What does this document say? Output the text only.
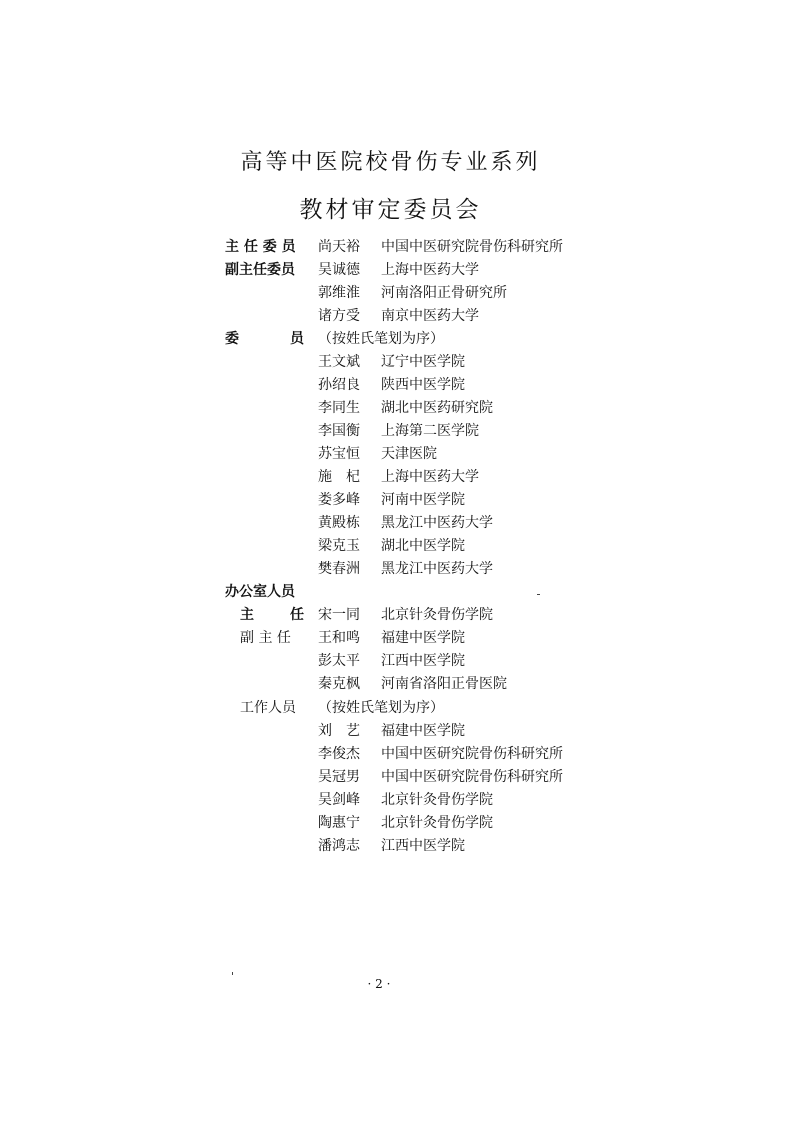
高等中医院校骨伤专业系列
教材审定委员会
主 任 委 员 尚天裕 中国中医研究院骨伤科研究所
副主任委员 吴诚德 上海中医药大学
郭维淮 河南洛阳正骨研究所
诸方受 南京中医药大学
委	员 （按姓氏笔划为序）
王文斌 辽宁中医学院
孙绍良 陕西中医学院
李同生 湖北中医药研究院
李国衡 上海第二医学院
苏宝恒 天津医院
施　杞 上海中医药大学
娄多峰 河南中医学院
黄殿栋 黑龙江中医药大学
梁克玉 湖北中医学院
樊春洲 黑龙江中医药大学
办公室人员
主	任 宋一同 北京针灸骨伤学院
副 主 任 王和鸣 福建中医学院
彭太平 江西中医学院
秦克枫 河南省洛阳正骨医院
工作人员 （按姓氏笔划为序）
刘　艺 福建中医学院
李俊杰 中国中医研究院骨伤科研究所
吴冠男 中国中医研究院骨伤科研究所
吴剑峰 北京针灸骨伤学院
陶惠宁 北京针灸骨伤学院
潘鸿志 江西中医学院
· 2 ·
